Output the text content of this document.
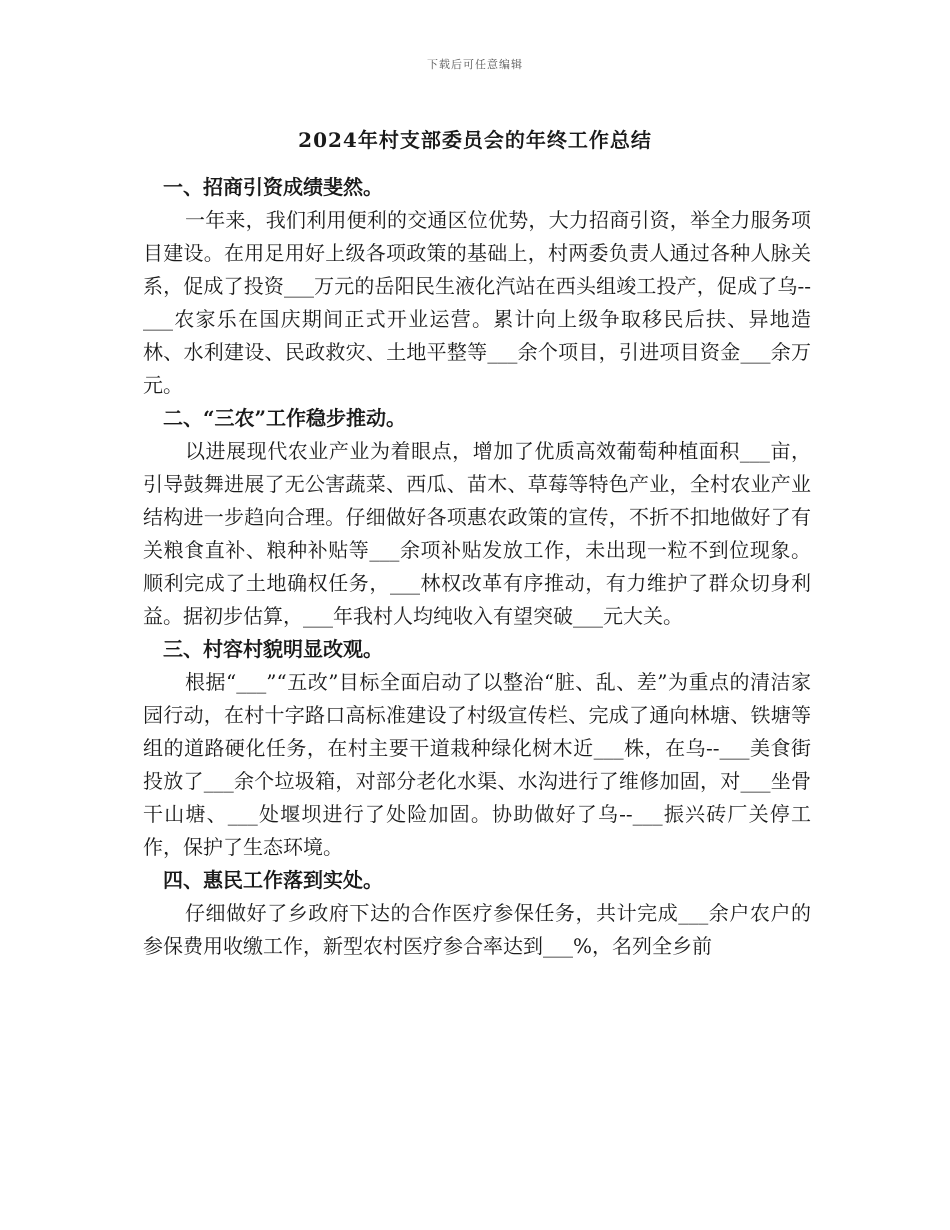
下载后可任意编辑
2024年村支部委员会的年终工作总结

一、招商引资成绩斐然。

一年来，我们利用便利的交通区位优势，大力招商引资，举全力服务项目建设。在用足用好上级各项政策的基础上，村两委负责人通过各种人脉关系，促成了投资___万元的岳阳民生液化汽站在西头组竣工投产，促成了乌--___农家乐在国庆期间正式开业运营。累计向上级争取移民后扶、异地造林、水利建设、民政救灾、土地平整等___余个项目，引进项目资金___余万元。

二、“三农”工作稳步推动。

以进展现代农业产业为着眼点，增加了优质高效葡萄种植面积___亩，引导鼓舞进展了无公害蔬菜、西瓜、苗木、草莓等特色产业，全村农业产业结构进一步趋向合理。仔细做好各项惠农政策的宣传，不折不扣地做好了有关粮食直补、粮种补贴等___余项补贴发放工作，未出现一粒不到位现象。顺利完成了土地确权任务，___林权改革有序推动，有力维护了群众切身利益。据初步估算，___年我村人均纯收入有望突破___元大关。

三、村容村貌明显改观。

根据“___”“五改”目标全面启动了以整治“脏、乱、差”为重点的清洁家园行动，在村十字路口高标准建设了村级宣传栏、完成了通向林塘、铁塘等组的道路硬化任务，在村主要干道栽种绿化树木近___株，在乌--___美食街投放了___余个垃圾箱，对部分老化水渠、水沟进行了维修加固，对___坐骨干山塘、___处堰坝进行了处险加固。协助做好了乌--___振兴砖厂关停工作，保护了生态环境。

四、惠民工作落到实处。

仔细做好了乡政府下达的合作医疗参保任务，共计完成___余户农户的参保费用收缴工作，新型农村医疗参合率达到___%，名列全乡前
